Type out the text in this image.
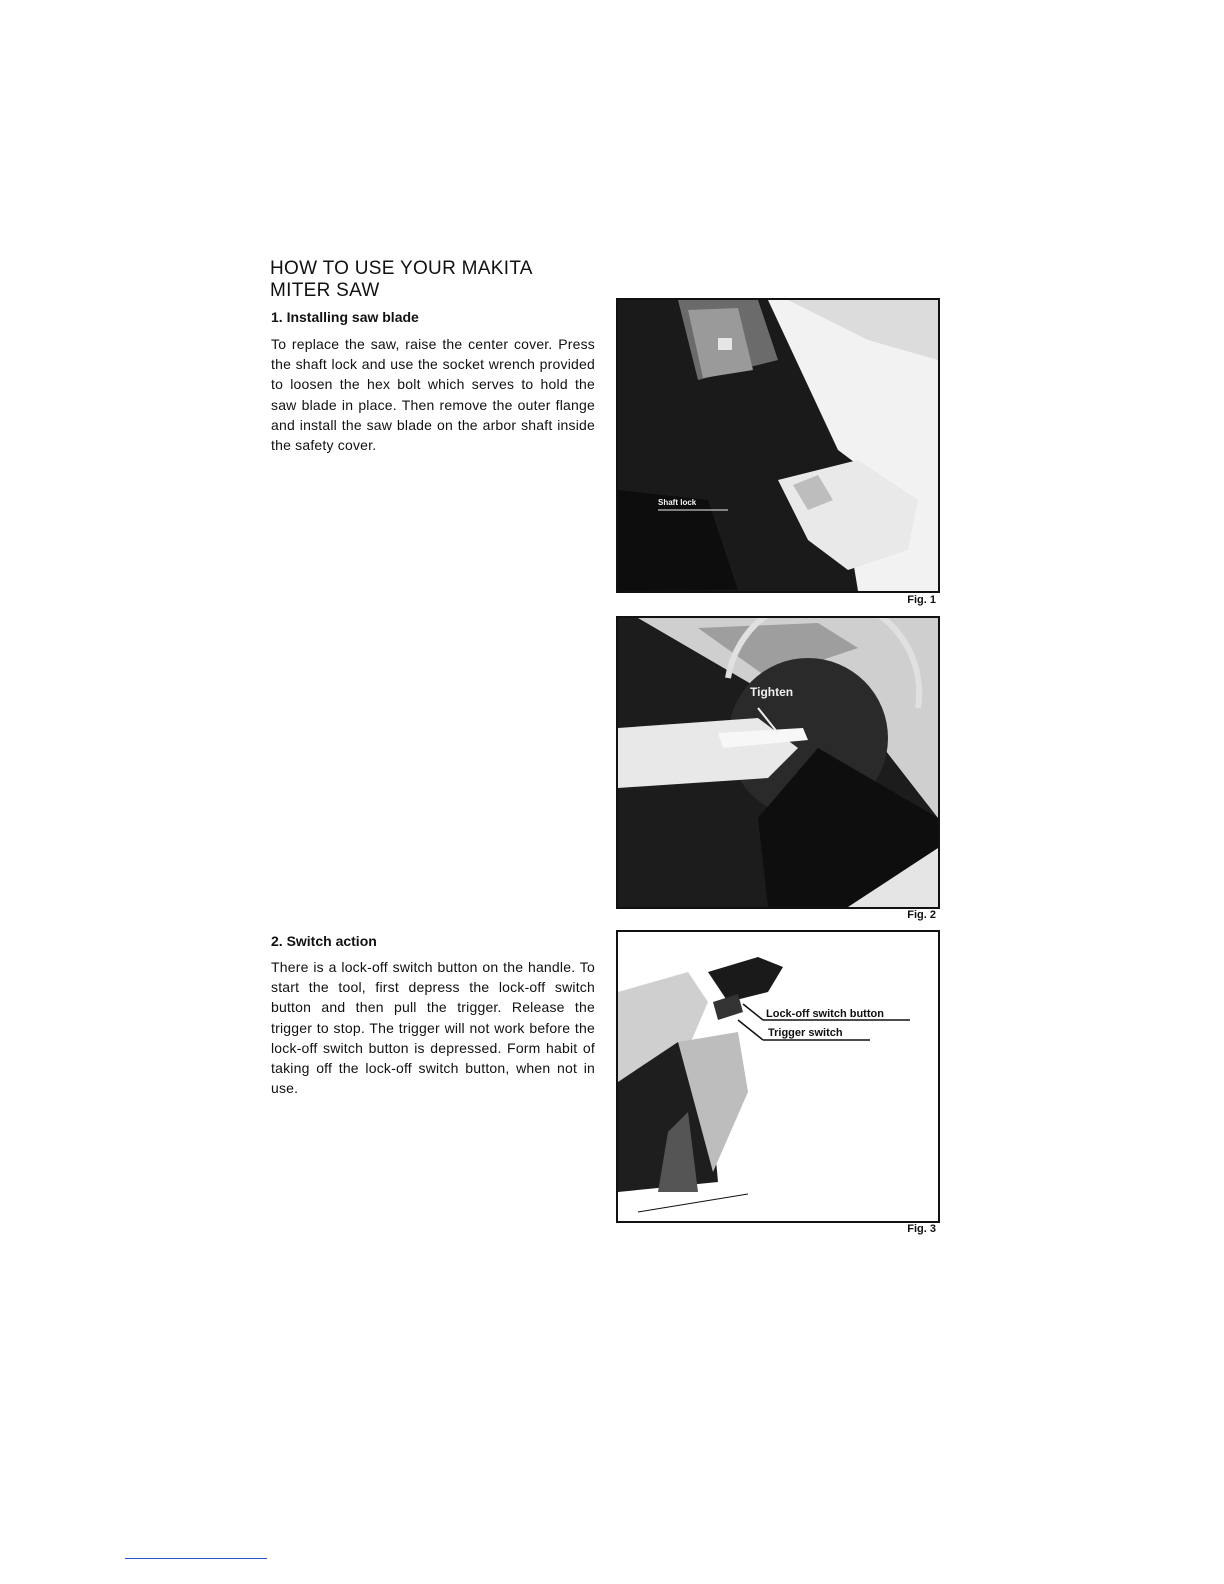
HOW TO USE YOUR MAKITA
MITER SAW
1. Installing saw blade

To replace the saw, raise the center cover. Press the shaft lock and use the socket wrench provided to loosen the hex bolt which serves to hold the saw blade in place. Then remove the outer flange and install the saw blade on the arbor shaft inside the safety cover.

2. Switch action

There is a lock-off switch button on the handle. To start the tool, first depress the lock-off switch button and then pull the trigger. Release the trigger to stop. The trigger will not work before the lock-off switch button is depressed. Form habit of taking off the lock-off switch button, when not in use.

Shaft lock
Fig. 1
Tighten
Fig. 2
Lock-off switch button
Trigger switch
Fig. 3
